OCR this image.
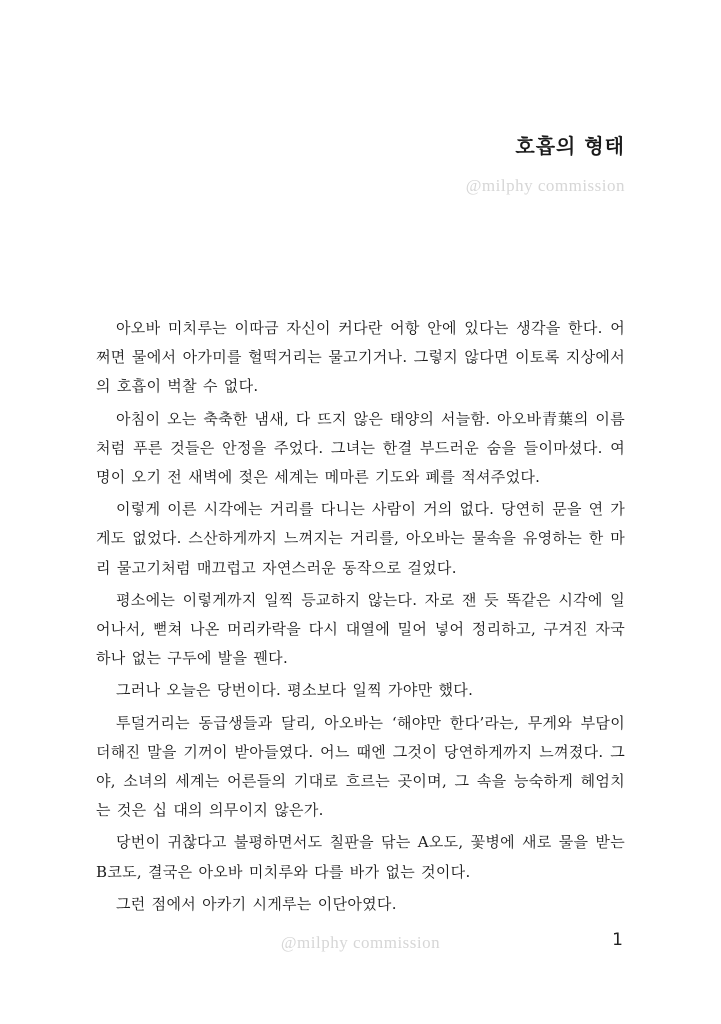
호흡의 형태
@milphy commission

아오바 미치루는 이따금 자신이 커다란 어항 안에 있다는 생각을 한다. 어쩌면 물에서 아가미를 헐떡거리는 물고기거나. 그렇지 않다면 이토록 지상에서의 호흡이 벅찰 수 없다.

아침이 오는 축축한 냄새, 다 뜨지 않은 태양의 서늘함. 아오바青葉의 이름처럼 푸른 것들은 안정을 주었다. 그녀는 한결 부드러운 숨을 들이마셨다. 여명이 오기 전 새벽에 젖은 세계는 메마른 기도와 폐를 적셔주었다.

이렇게 이른 시각에는 거리를 다니는 사람이 거의 없다. 당연히 문을 연 가게도 없었다. 스산하게까지 느껴지는 거리를, 아오바는 물속을 유영하는 한 마리 물고기처럼 매끄럽고 자연스러운 동작으로 걸었다.

평소에는 이렇게까지 일찍 등교하지 않는다. 자로 잰 듯 똑같은 시각에 일어나서, 뻗쳐 나온 머리카락을 다시 대열에 밀어 넣어 정리하고, 구겨진 자국 하나 없는 구두에 발을 꿴다.

그러나 오늘은 당번이다. 평소보다 일찍 가야만 했다.

투덜거리는 동급생들과 달리, 아오바는 ‘해야만 한다’라는, 무게와 부담이 더해진 말을 기꺼이 받아들였다. 어느 때엔 그것이 당연하게까지 느껴졌다. 그야, 소녀의 세계는 어른들의 기대로 흐르는 곳이며, 그 속을 능숙하게 헤엄치는 것은 십 대의 의무이지 않은가.

당번이 귀찮다고 불평하면서도 칠판을 닦는 A오도, 꽃병에 새로 물을 받는 B코도, 결국은 아오바 미치루와 다를 바가 없는 것이다.

그런 점에서 아카기 시게루는 이단아였다.

@milphy commission	1
